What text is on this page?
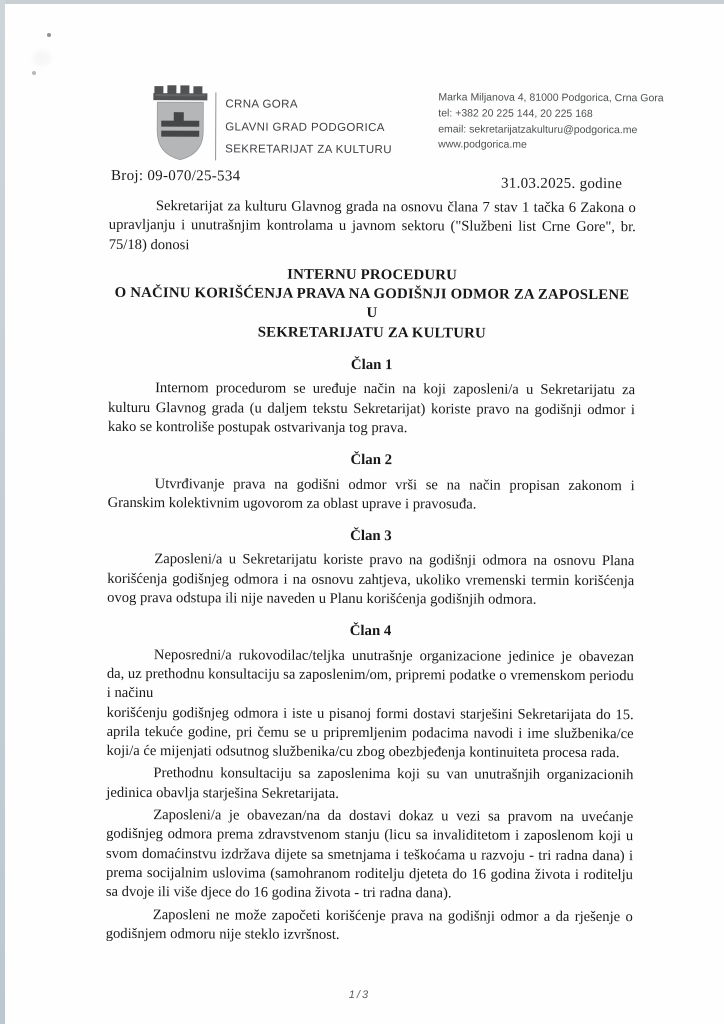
CRNA GORA
GLAVNI GRAD PODGORICA
SEKRETARIJAT ZA KULTURU
Marka Miljanova 4, 81000 Podgorica, Crna Gora
tel: +382 20 225 144, 20 225 168
email: sekretarijatzakulturu@podgorica.me
www.podgorica.me
Broj: 09-070/25-534	31.03.2025. godine

Sekretarijat za kulturu Glavnog grada na osnovu člana 7 stav 1 tačka 6 Zakona o upravljanju i unutrašnjim kontrolama u javnom sektoru ("Službeni list Crne Gore", br. 75/18) donosi

INTERNU PROCEDURU
O NAČINU KORIŠĆENJA PRAVA NA GODIŠNJI ODMOR ZA ZAPOSLENE U
SEKRETARIJATU ZA KULTURU
Član 1

Internom procedurom se uređuje način na koji zaposleni/a u Sekretarijatu za kulturu Glavnog grada (u daljem tekstu Sekretarijat) koriste pravo na godišnji odmor i kako se kontroliše postupak ostvarivanja tog prava.

Član 2

Utvrđivanje prava na godišni odmor vrši se na način propisan zakonom i Granskim kolektivnim ugovorom za oblast uprave i pravosuđa.

Član 3

Zaposleni/a u Sekretarijatu koriste pravo na godišnji odmora na osnovu Plana korišćenja godišnjeg odmora i na osnovu zahtjeva, ukoliko vremenski termin korišćenja ovog prava odstupa ili nije naveden u Planu korišćenja godišnjih odmora.

Član 4

Neposredni/a rukovodilac/teljka unutrašnje organizacione jedinice je obavezan da, uz prethodnu konsultaciju sa zaposlenim/om, pripremi podatke o vremenskom periodu i načinu

korišćenju godišnjeg odmora i iste u pisanoj formi dostavi starješini Sekretarijata do 15. aprila tekuće godine, pri čemu se u pripremljenim podacima navodi i ime službenika/ce koji/a će mijenjati odsutnog službenika/cu zbog obezbjeđenja kontinuiteta procesa rada.

Prethodnu konsultaciju sa zaposlenima koji su van unutrašnjih organizacionih jedinica obavlja starješina Sekretarijata.

Zaposleni/a je obavezan/na da dostavi dokaz u vezi sa pravom na uvećanje godišnjeg odmora prema zdravstvenom stanju (licu sa invaliditetom i zaposlenom koji u svom domaćinstvu izdržava dijete sa smetnjama i teškoćama u razvoju - tri radna dana) i prema socijalnim uslovima (samohranom roditelju djeteta do 16 godina života i roditelju sa dvoje ili više djece do 16 godina života - tri radna dana).

Zaposleni ne može započeti korišćenje prava na godišnji odmor a da rješenje o godišnjem odmoru nije steklo izvršnost.

1/3
